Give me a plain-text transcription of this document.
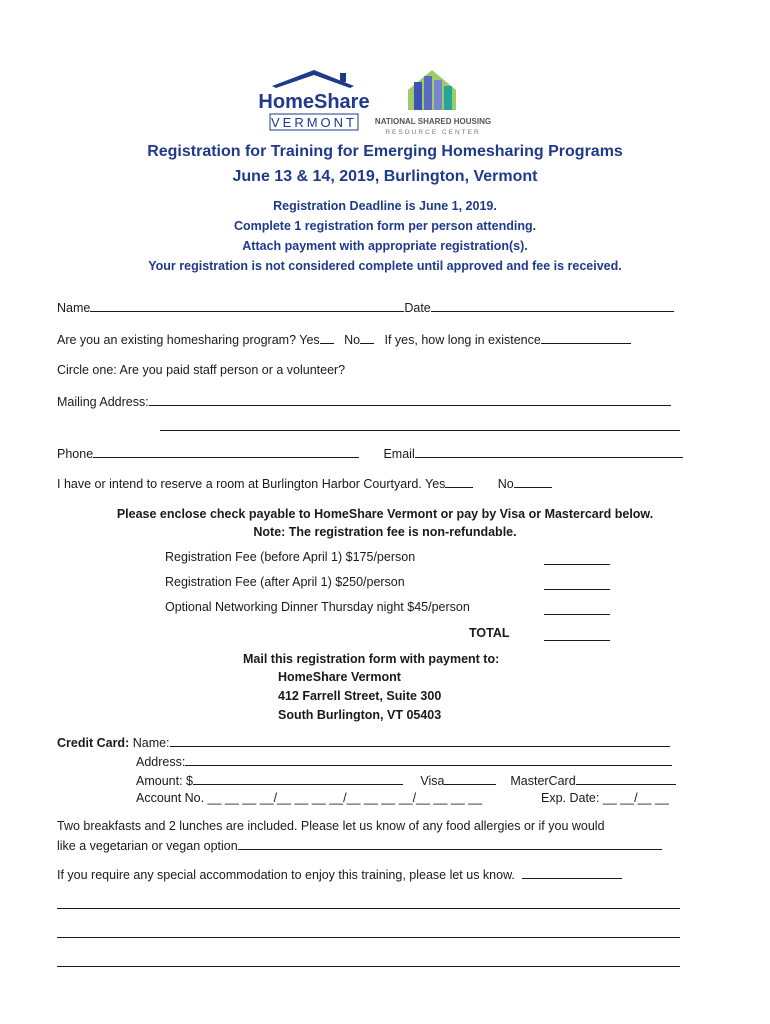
HomeShare
VERMONT NATIONAL SHARED HOUSING
RESOURCE CENTER
Registration for Training for Emerging Homesharing Programs
June 13 & 14, 2019, Burlington, Vermont
Registration Deadline is June 1, 2019.
Complete 1 registration form per person attending.
Attach payment with appropriate registration(s).
Your registration is not considered complete until approved and fee is received.
Name	Date
Are you an existing homesharing program? Yes No If yes, how long in existence
Circle one: Are you paid staff person or a volunteer?
Mailing Address:
Phone	Email
I have or intend to reserve a room at Burlington Harbor Courtyard. Yes	No
Please enclose check payable to HomeShare Vermont or pay by Visa or Mastercard below.
Note: The registration fee is non-refundable.
Registration Fee (before April 1) $175/person
Registration Fee (after April 1) $250/person
Optional Networking Dinner Thursday night $45/person
TOTAL
Mail this registration form with payment to:
HomeShare Vermont
412 Farrell Street, Suite 300
South Burlington, VT 05403
Credit Card: Name:
Address:
Amount: $	Visa	MasterCard
Account No. __ __ __ __/__ __ __ __/__ __ __ __/__ __ __ __	Exp. Date: __ __/__ __
Two breakfasts and 2 lunches are included. Please let us know of any food allergies or if you would
like a vegetarian or vegan option
If you require any special accommodation to enjoy this training, please let us know.
